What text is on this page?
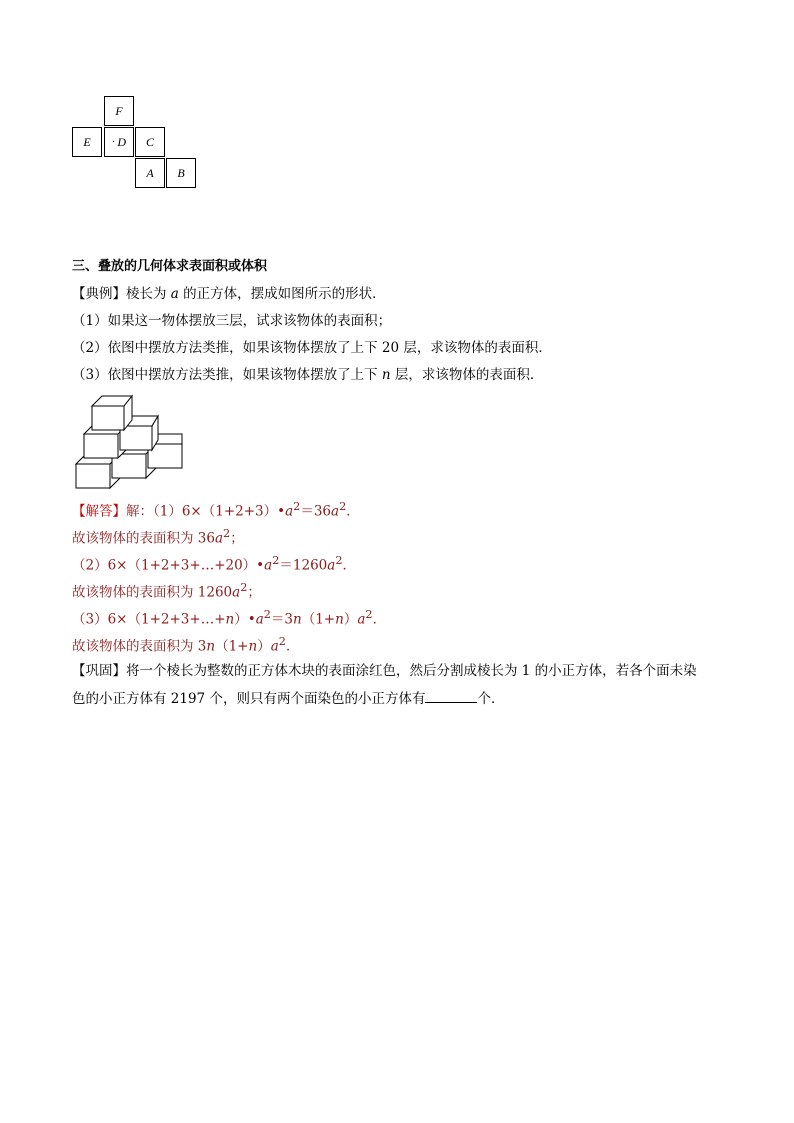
F
E · D C
A B
三、叠放的几何体求表面积或体积
【典例】棱长为 a 的正方体，摆成如图所示的形状．
（1）如果这一物体摆放三层，试求该物体的表面积；
（2）依图中摆放方法类推，如果该物体摆放了上下 20 层，求该物体的表面积．
（3）依图中摆放方法类推，如果该物体摆放了上下 n 层，求该物体的表面积．
【解答】解：$(1)6\times(1+2+3)•a^2=36a^2$．
故该物体的表面积为 $36a^2$；
$(2)6\times(1+2+3+\dots+20)•a^2=1260a^2$．
故该物体的表面积为 $1260a^2$；
$(3)6\times(1+2+3+\dots+n)•a^2=3n(1+n)a^2$．
故该物体的表面积为 $3n(1+n)a^2$．
【巩固】将一个棱长为整数的正方体木块的表面涂红色，然后分割成棱长为 1 的小正方体，若各个面未染
色的小正方体有 2197 个，则只有两个面染色的小正方体有	个．
